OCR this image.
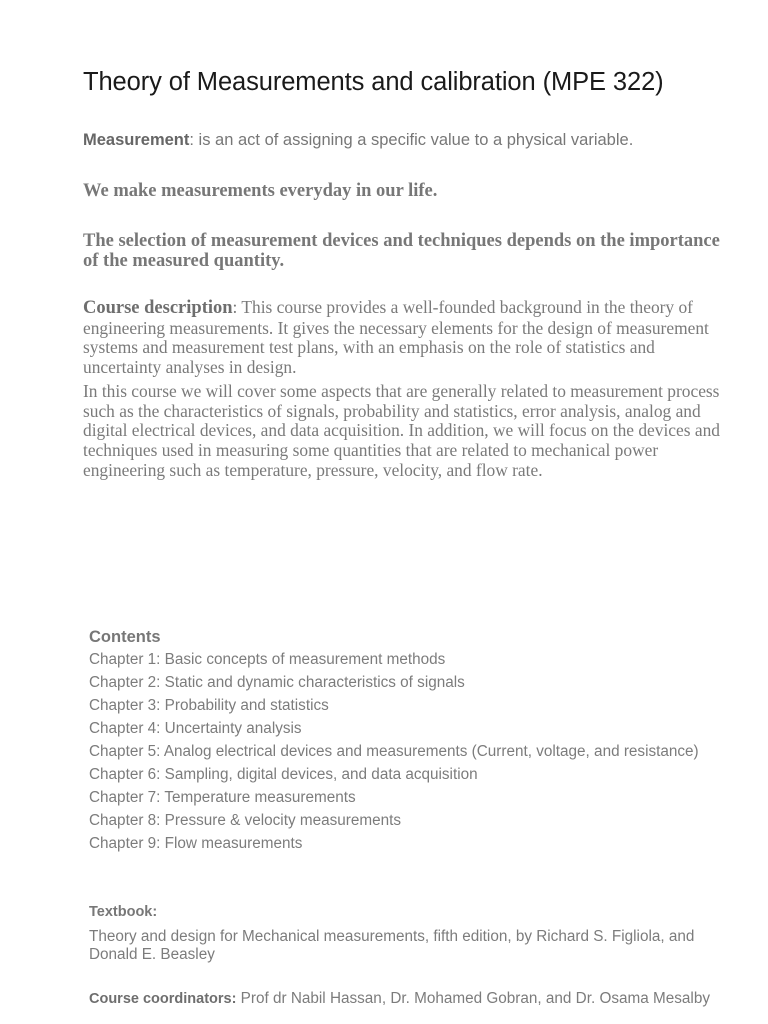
Theory of Measurements and calibration (MPE 322)
Measurement: is an act of assigning a specific value to a physical variable.
We make measurements everyday in our life.
The selection of measurement devices and techniques depends on the importance of the measured quantity.
Course description: This course provides a well-founded background in the theory of engineering measurements. It gives the necessary elements for the design of measurement systems and measurement test plans, with an emphasis on the role of statistics and uncertainty analyses in design.
In this course we will cover some aspects that are generally related to measurement process such as the characteristics of signals, probability and statistics, error analysis, analog and digital electrical devices, and data acquisition. In addition, we will focus on the devices and techniques used in measuring some quantities that are related to mechanical power engineering such as temperature, pressure, velocity, and flow rate.
Contents
Chapter 1: Basic concepts of measurement methods
Chapter 2: Static and dynamic characteristics of signals
Chapter 3: Probability and statistics
Chapter 4: Uncertainty analysis
Chapter 5: Analog electrical devices and measurements (Current, voltage, and resistance)
Chapter 6: Sampling, digital devices, and data acquisition
Chapter 7: Temperature measurements
Chapter 8: Pressure & velocity measurements
Chapter 9: Flow measurements
Textbook:
Theory and design for Mechanical measurements, fifth edition, by Richard S. Figliola, and Donald E. Beasley
Course coordinators: Prof dr Nabil Hassan, Dr. Mohamed Gobran, and Dr. Osama Mesalby
